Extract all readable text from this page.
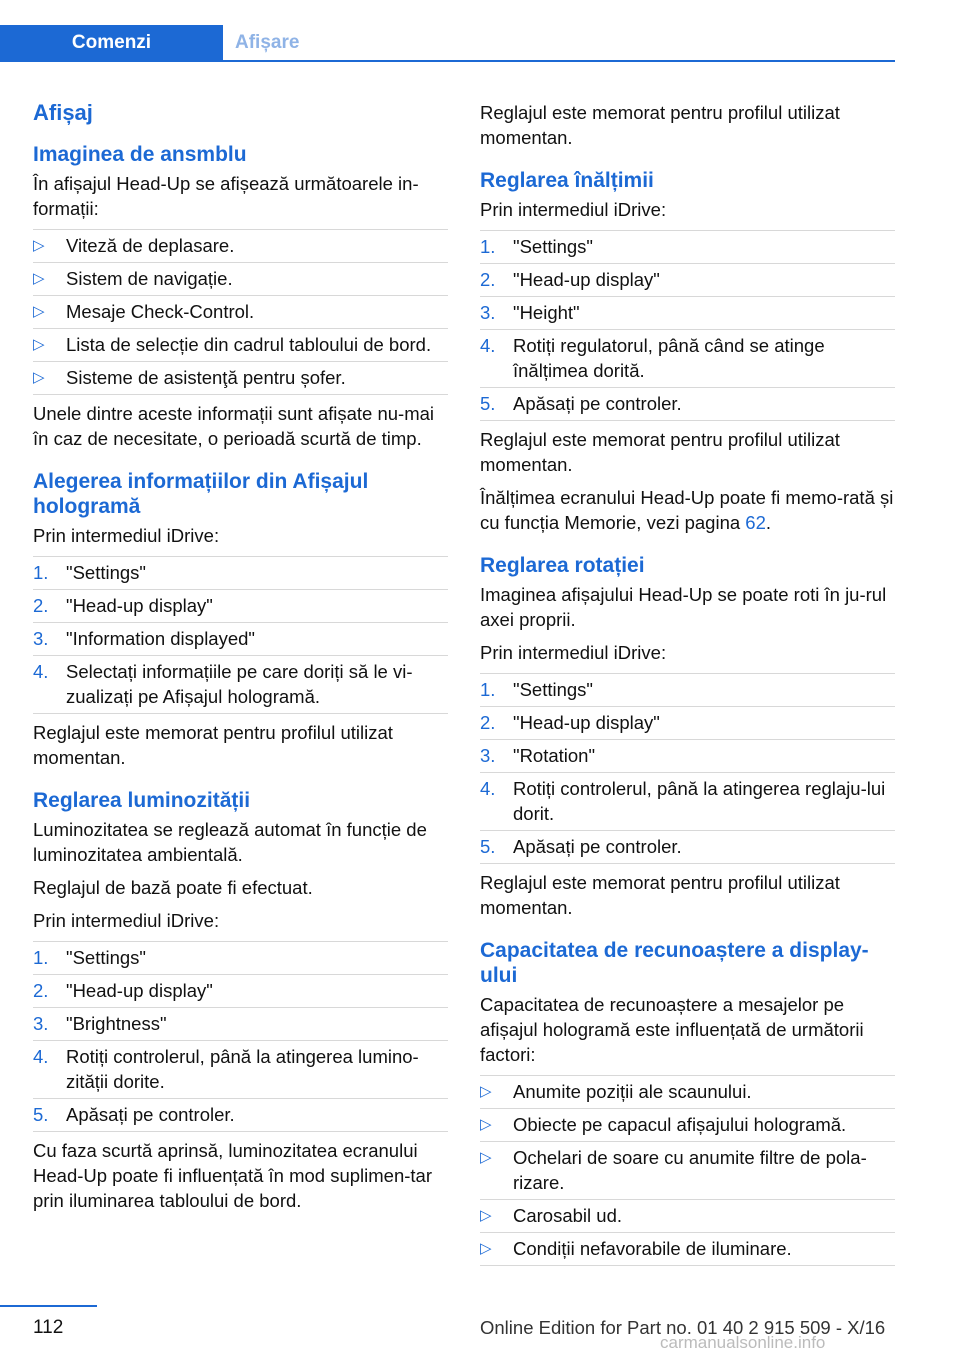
Comenzi	Afișare
Afișaj
Imaginea de ansmblu

În afișajul Head-Up se afișează următoarele in‐formații:

▷ Viteză de deplasare.
▷ Sistem de navigație.
▷ Mesaje Check-Control.
▷ Lista de selecție din cadrul tabloului de bord.
▷ Sisteme de asistenţă pentru șofer.

Unele dintre aceste informații sunt afișate nu‐mai în caz de necesitate, o perioadă scurtă de timp.

Alegerea informațiilor din Afișajul hologramă

Prin intermediul iDrive:

1. "Settings"
2. "Head-up display"
3. "Information displayed"
4. Selectați informațiile pe care doriți să le vi‐zualizați pe Afișajul hologramă.

Reglajul este memorat pentru profilul utilizat momentan.

Reglarea luminozității

Luminozitatea se reglează automat în funcție de luminozitatea ambientală.

Reglajul de bază poate fi efectuat.

Prin intermediul iDrive:

1. "Settings"
2. "Head-up display"
3. "Brightness"
4. Rotiți controlerul, până la atingerea lumino‐zității dorite.
5. Apăsați pe controler.

Cu faza scurtă aprinsă, luminozitatea ecranului Head-Up poate fi influențată în mod suplimen‐tar prin iluminarea tabloului de bord.

Reglajul este memorat pentru profilul utilizat momentan.

Reglarea înălțimii

Prin intermediul iDrive:

1. "Settings"
2. "Head-up display"
3. "Height"
4. Rotiți regulatorul, până când se atinge înălțimea dorită.
5. Apăsați pe controler.

Reglajul este memorat pentru profilul utilizat momentan.

Înălțimea ecranului Head-Up poate fi memo‐rată și cu funcția Memorie, vezi pagina 62.

Reglarea rotației

Imaginea afișajului Head-Up se poate roti în ju‐rul axei proprii.

Prin intermediul iDrive:

1. "Settings"
2. "Head-up display"
3. "Rotation"
4. Rotiți controlerul, până la atingerea reglaju‐lui dorit.
5. Apăsați pe controler.

Reglajul este memorat pentru profilul utilizat momentan.

Capacitatea de recunoaștere a display-ului

Capacitatea de recunoaștere a mesajelor pe afișajul hologramă este influențată de următorii factori:

▷ Anumite poziții ale scaunului.
▷ Obiecte pe capacul afișajului hologramă.
▷ Ochelari de soare cu anumite filtre de pola‐rizare.
▷ Carosabil ud.
▷ Condiții nefavorabile de iluminare.
112	Online Edition for Part no. 01 40 2 915 509 - X/16
carmanualsonline.info
